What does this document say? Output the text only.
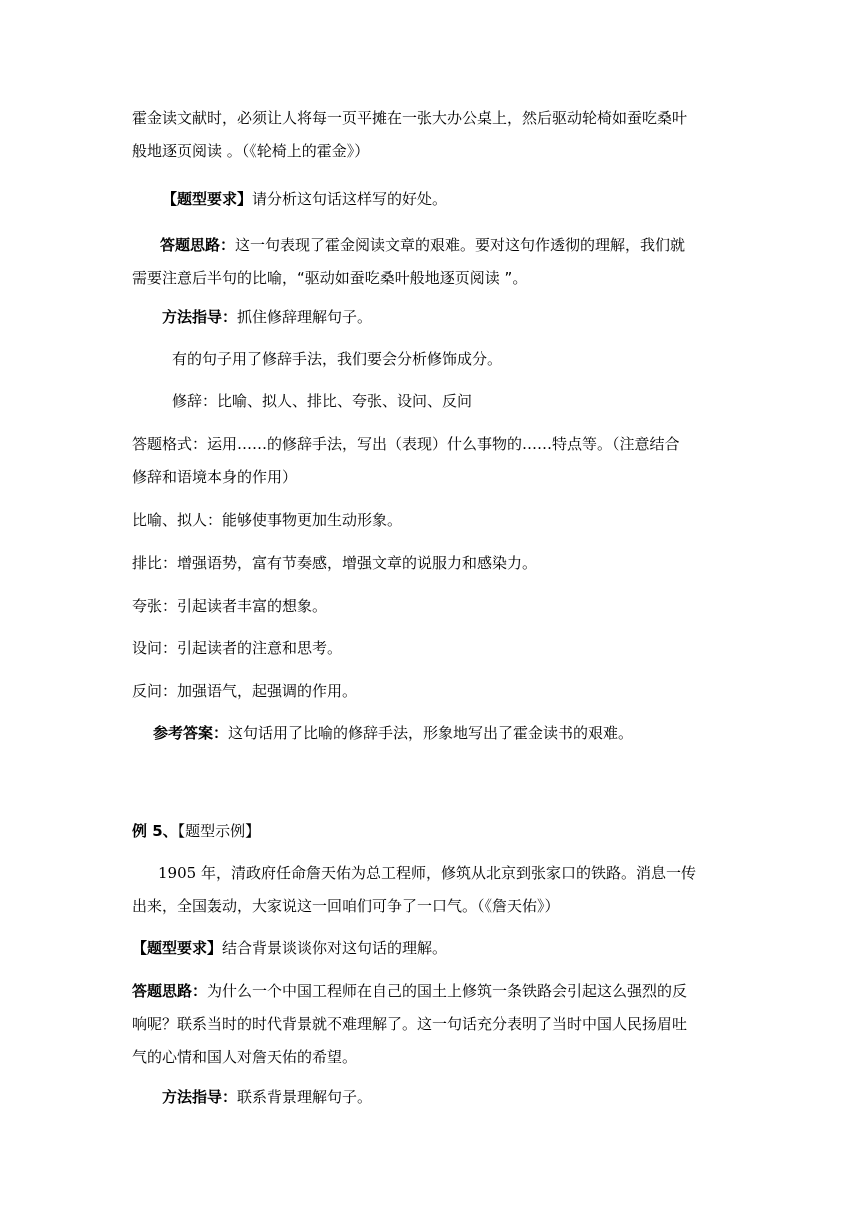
霍金读文献时，必须让人将每一页平摊在一张大办公桌上，然后驱动轮椅如蚕吃桑叶
般地逐页阅读 。（《轮椅上的霍金》）
【题型要求】请分析这句话这样写的好处。
答题思路：这一句表现了霍金阅读文章的艰难。要对这句作透彻的理解，我们就
需要注意后半句的比喻，“驱动如蚕吃桑叶般地逐页阅读 ”。
方法指导：抓住修辞理解句子。
有的句子用了修辞手法，我们要会分析修饰成分。
修辞：比喻、拟人、排比、夸张、设问、反问
答题格式：运用……的修辞手法，写出（表现）什么事物的……特点等。（注意结合
修辞和语境本身的作用）
比喻、拟人：能够使事物更加生动形象。
排比：增强语势，富有节奏感，增强文章的说服力和感染力。
夸张：引起读者丰富的想象。
设问：引起读者的注意和思考。
反问：加强语气，起强调的作用。
参考答案：这句话用了比喻的修辞手法，形象地写出了霍金读书的艰难。
例 5、【题型示例】
1905 年，清政府任命詹天佑为总工程师，修筑从北京到张家口的铁路。消息一传
出来，全国轰动，大家说这一回咱们可争了一口气。（《詹天佑》）
【题型要求】结合背景谈谈你对这句话的理解。
答题思路：为什么一个中国工程师在自己的国土上修筑一条铁路会引起这么强烈的反
响呢？联系当时的时代背景就不难理解了。这一句话充分表明了当时中国人民扬眉吐
气的心情和国人对詹天佑的希望。
方法指导：联系背景理解句子。
